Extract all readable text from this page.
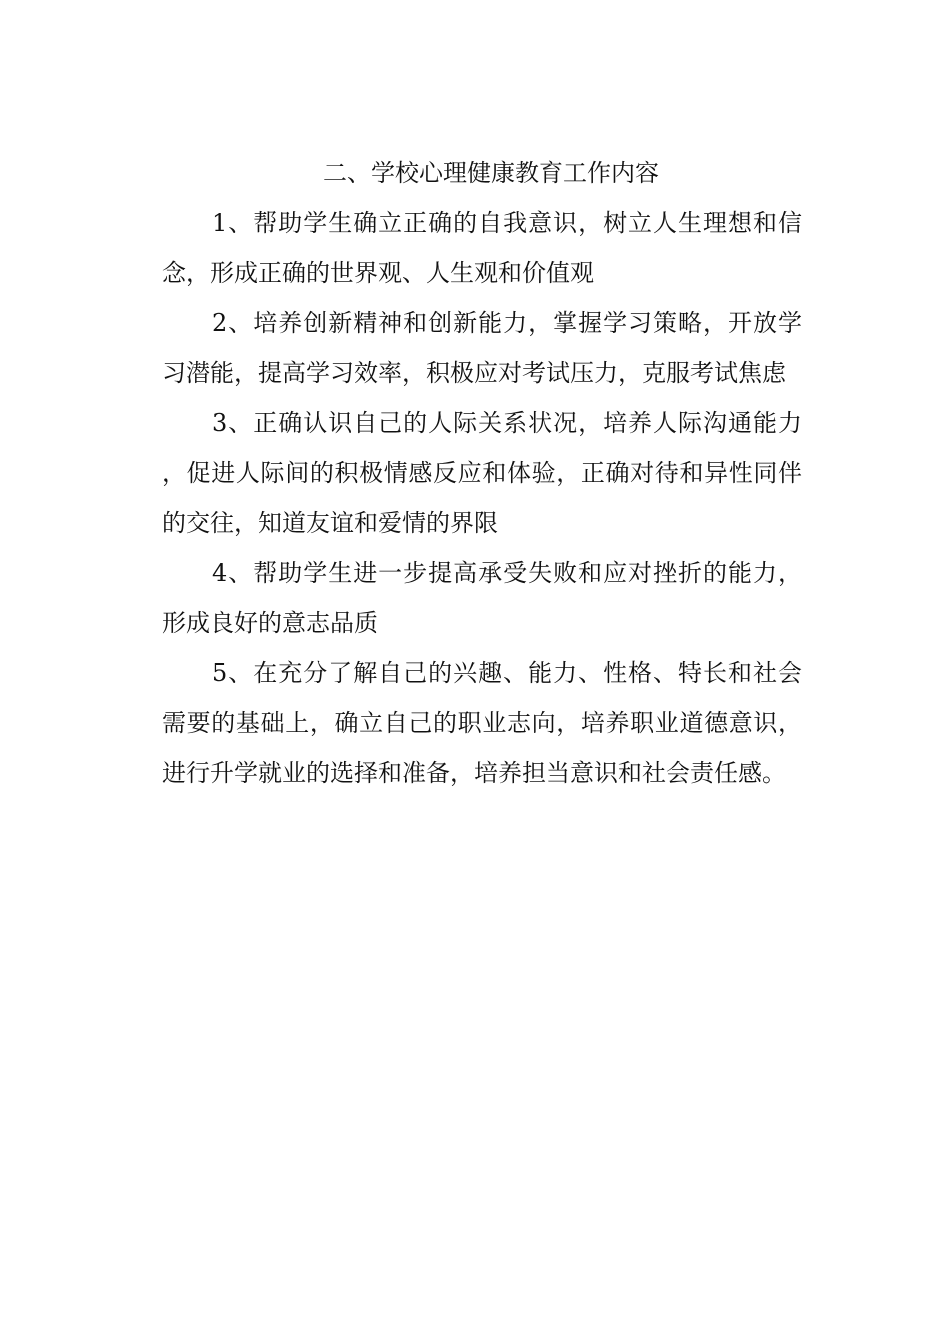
二、学校心理健康教育工作内容

1、帮助学生确立正确的自我意识，树立人生理想和信念，形成正确的世界观、人生观和价值观

2、培养创新精神和创新能力，掌握学习策略，开放学习潜能，提高学习效率，积极应对考试压力，克服考试焦虑

3、正确认识自己的人际关系状况，培养人际沟通能力，促进人际间的积极情感反应和体验，正确对待和异性同伴的交往，知道友谊和爱情的界限

4、帮助学生进一步提高承受失败和应对挫折的能力，形成良好的意志品质

5、在充分了解自己的兴趣、能力、性格、特长和社会需要的基础上，确立自己的职业志向，培养职业道德意识，进行升学就业的选择和准备，培养担当意识和社会责任感。
